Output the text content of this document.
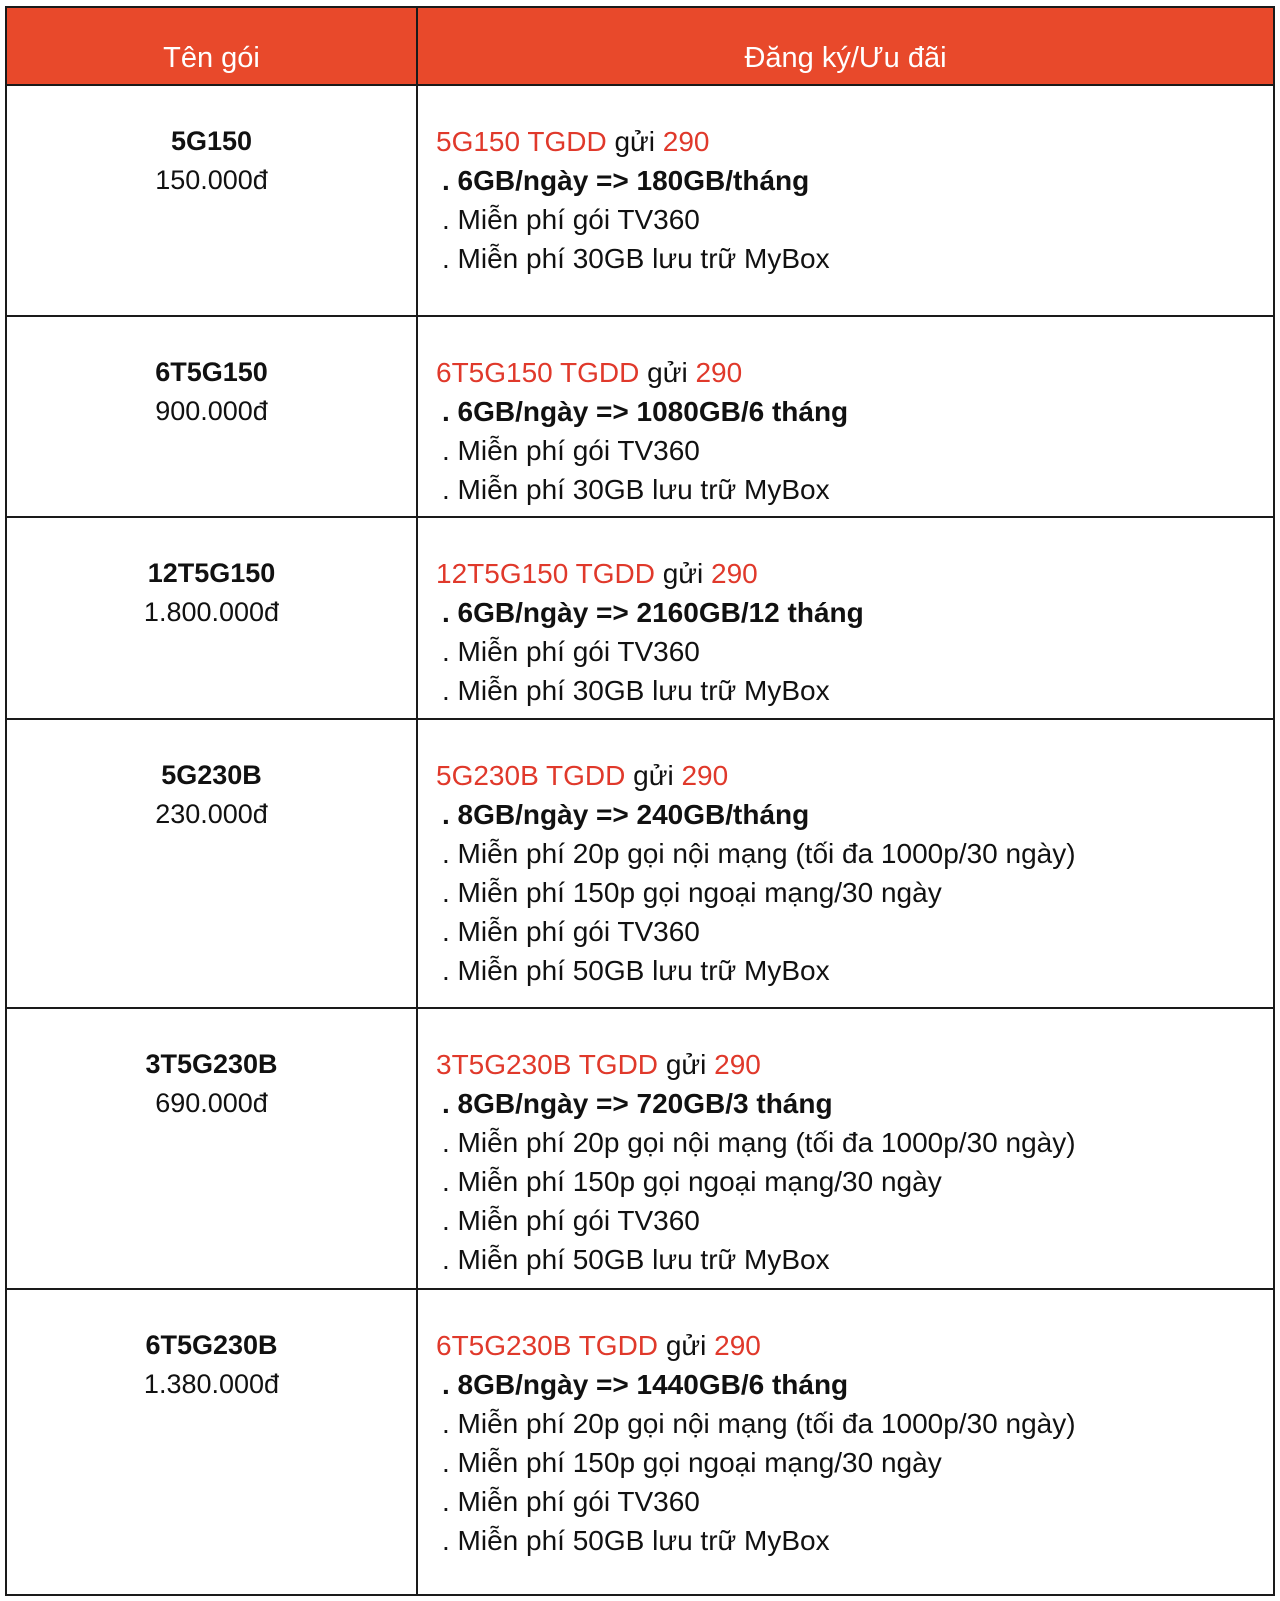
Tên gói	Đăng ký/Ưu đãi
5G150
150.000đ
5G150 TGDD gửi 290
. 6GB/ngày => 180GB/tháng
. Miễn phí gói TV360
. Miễn phí 30GB lưu trữ MyBox
6T5G150
900.000đ
6T5G150 TGDD gửi 290
. 6GB/ngày => 1080GB/6 tháng
. Miễn phí gói TV360
. Miễn phí 30GB lưu trữ MyBox
12T5G150
1.800.000đ
12T5G150 TGDD gửi 290
. 6GB/ngày => 2160GB/12 tháng
. Miễn phí gói TV360
. Miễn phí 30GB lưu trữ MyBox
5G230B
230.000đ
5G230B TGDD gửi 290
. 8GB/ngày => 240GB/tháng
. Miễn phí 20p gọi nội mạng (tối đa 1000p/30 ngày)
. Miễn phí 150p gọi ngoại mạng/30 ngày
. Miễn phí gói TV360
. Miễn phí 50GB lưu trữ MyBox
3T5G230B
690.000đ
3T5G230B TGDD gửi 290
. 8GB/ngày => 720GB/3 tháng
. Miễn phí 20p gọi nội mạng (tối đa 1000p/30 ngày)
. Miễn phí 150p gọi ngoại mạng/30 ngày
. Miễn phí gói TV360
. Miễn phí 50GB lưu trữ MyBox
6T5G230B
1.380.000đ
6T5G230B TGDD gửi 290
. 8GB/ngày => 1440GB/6 tháng
. Miễn phí 20p gọi nội mạng (tối đa 1000p/30 ngày)
. Miễn phí 150p gọi ngoại mạng/30 ngày
. Miễn phí gói TV360
. Miễn phí 50GB lưu trữ MyBox
